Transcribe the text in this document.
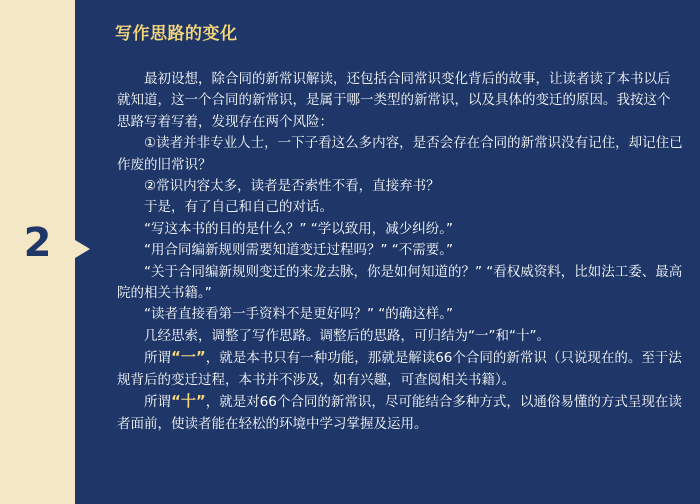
2
写作思路的变化

最初设想，除合同的新常识解读，还包括合同常识变化背后的故事，让读者读了本书以后就知道，这一个合同的新常识，是属于哪一类型的新常识，以及具体的变迁的原因。我按这个思路写着写着，发现存在两个风险：

①读者并非专业人士，一下子看这么多内容，是否会存在合同的新常识没有记住，却记住已作废的旧常识？

②常识内容太多，读者是否索性不看，直接弃书？

于是，有了自己和自己的对话。

“写这本书的目的是什么？” “学以致用，减少纠纷。”

“用合同编新规则需要知道变迁过程吗？” “不需要。”

“关于合同编新规则变迁的来龙去脉，你是如何知道的？” “看权威资料，比如法工委、最高院的相关书籍。”

“读者直接看第一手资料不是更好吗？” “的确这样。”

几经思索，调整了写作思路。调整后的思路，可归结为“一”和“十”。

所谓“一”，就是本书只有一种功能，那就是解读66个合同的新常识（只说现在的。至于法规背后的变迁过程，本书并不涉及，如有兴趣，可查阅相关书籍）。

所谓“十”，就是对66个合同的新常识，尽可能结合多种方式，以通俗易懂的方式呈现在读者面前，使读者能在轻松的环境中学习掌握及运用。
